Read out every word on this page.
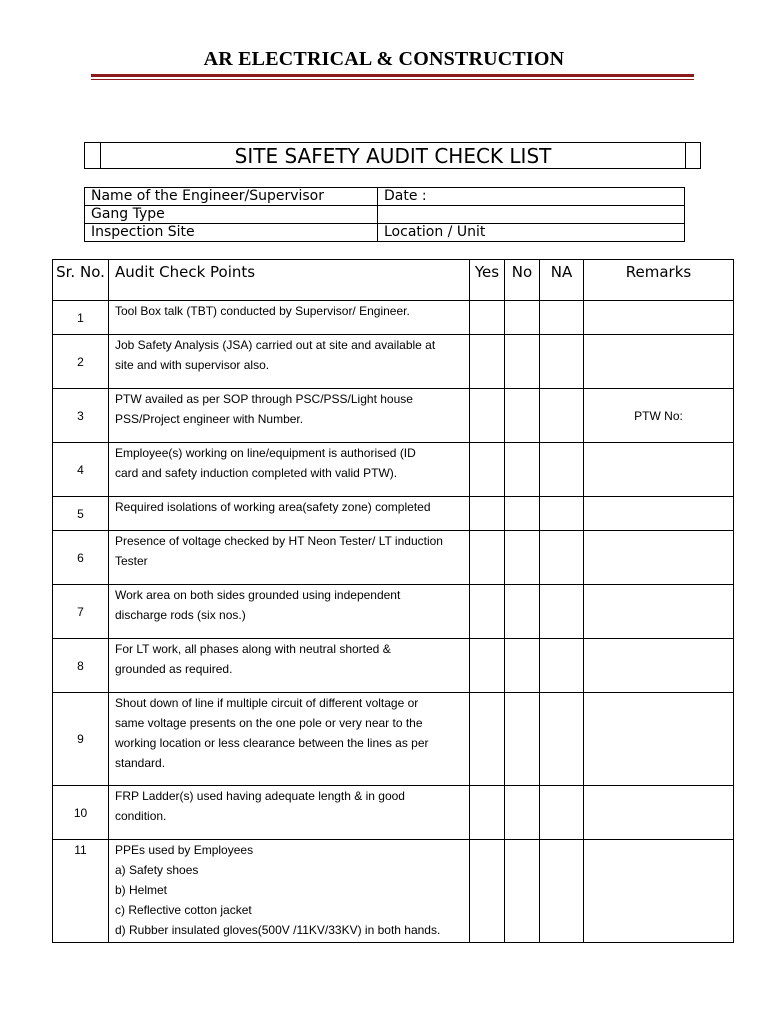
AR ELECTRICAL & CONSTRUCTION
SITE SAFETY AUDIT CHECK LIST
Name of the Engineer/Supervisor	Date :
Gang Type	
Inspection Site	Location / Unit
Sr. No.	Audit Check Points	Yes	No	NA	Remarks
1	Tool Box talk (TBT) conducted by Supervisor/ Engineer.				

2	Job Safety Analysis (JSA) carried out at site and available at
site and with supervisor also.				

3	PTW availed as per SOP through PSC/PSS/Light house
PSS/Project engineer with Number.				PTW No:
4	Employee(s) working on line/equipment is authorised (ID
card and safety induction completed with valid PTW).				

5	Required isolations of working area(safety zone) completed				

6	Presence of voltage checked by HT Neon Tester/ LT induction
Tester				

7	Work area on both sides grounded using independent
discharge rods (six nos.)				

8	For LT work, all phases along with neutral shorted &
grounded as required.				

9	Shout down of line if multiple circuit of different voltage or
same voltage presents on the one pole or very near to the
working location or less clearance between the lines as per
standard.				

10	FRP Ladder(s) used having adequate length & in good
condition.				

11	PPEs used by Employees
a) Safety shoes
b) Helmet
c) Reflective cotton jacket
d) Rubber insulated gloves(500V /11KV/33KV) in both hands.				
